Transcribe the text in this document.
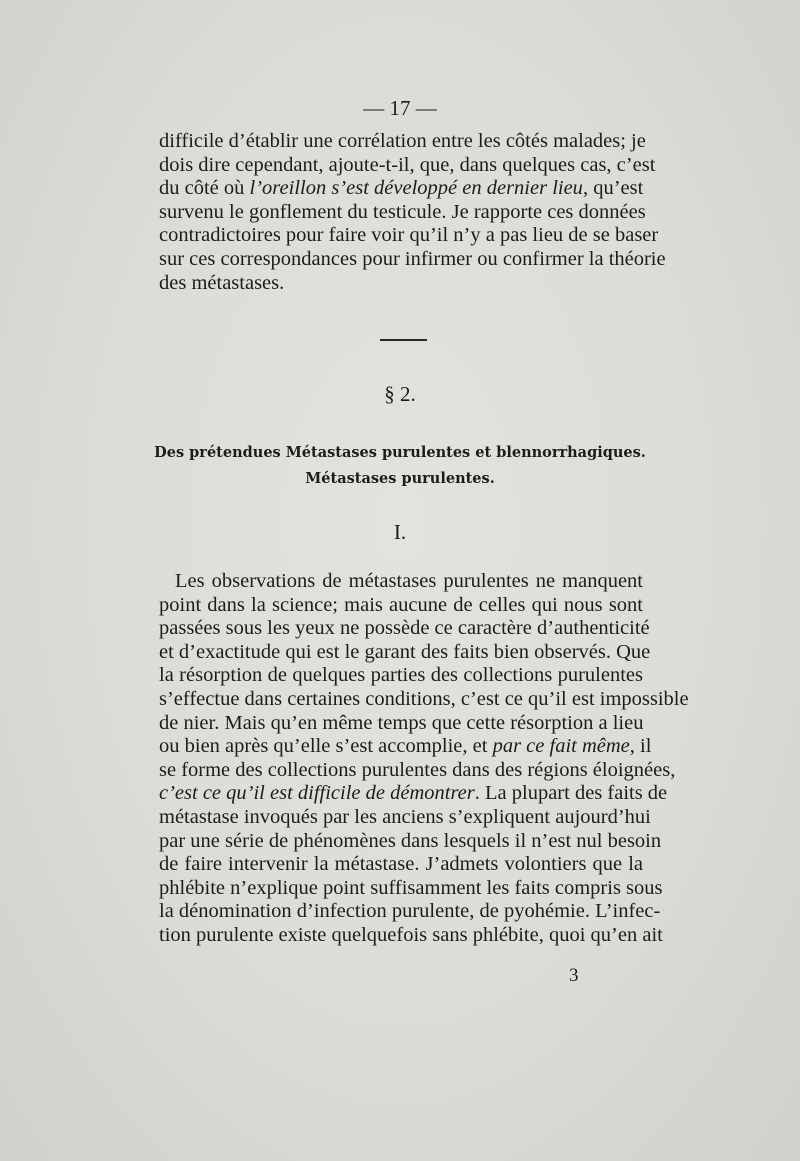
— 17 —
difficile d’établir une corrélation entre les côtés malades; je
dois dire cependant, ajoute-t-il, que, dans quelques cas, c’est
du côté où l’oreillon s’est développé en dernier lieu, qu’est
survenu le gonflement du testicule. Je rapporte ces données
contradictoires pour faire voir qu’il n’y a pas lieu de se baser
sur ces correspondances pour infirmer ou confirmer la théorie
des métastases.
§ 2.
Des prétendues Métastases purulentes et blennorrhagiques.
Métastases purulentes.
I.
Les observations de métastases purulentes ne manquent
point dans la science; mais aucune de celles qui nous sont
passées sous les yeux ne possède ce caractère d’authenticité
et d’exactitude qui est le garant des faits bien observés. Que
la résorption de quelques parties des collections purulentes
s’effectue dans certaines conditions, c’est ce qu’il est impossible
de nier. Mais qu’en même temps que cette résorption a lieu
ou bien après qu’elle s’est accomplie, et par ce fait même, il
se forme des collections purulentes dans des régions éloignées,
c’est ce qu’il est difficile de démontrer. La plupart des faits de
métastase invoqués par les anciens s’expliquent aujourd’hui
par une série de phénomènes dans lesquels il n’est nul besoin
de faire intervenir la métastase. J’admets volontiers que la
phlébite n’explique point suffisamment les faits compris sous
la dénomination d’infection purulente, de pyohémie. L’infec-
tion purulente existe quelquefois sans phlébite, quoi qu’en ait
3
